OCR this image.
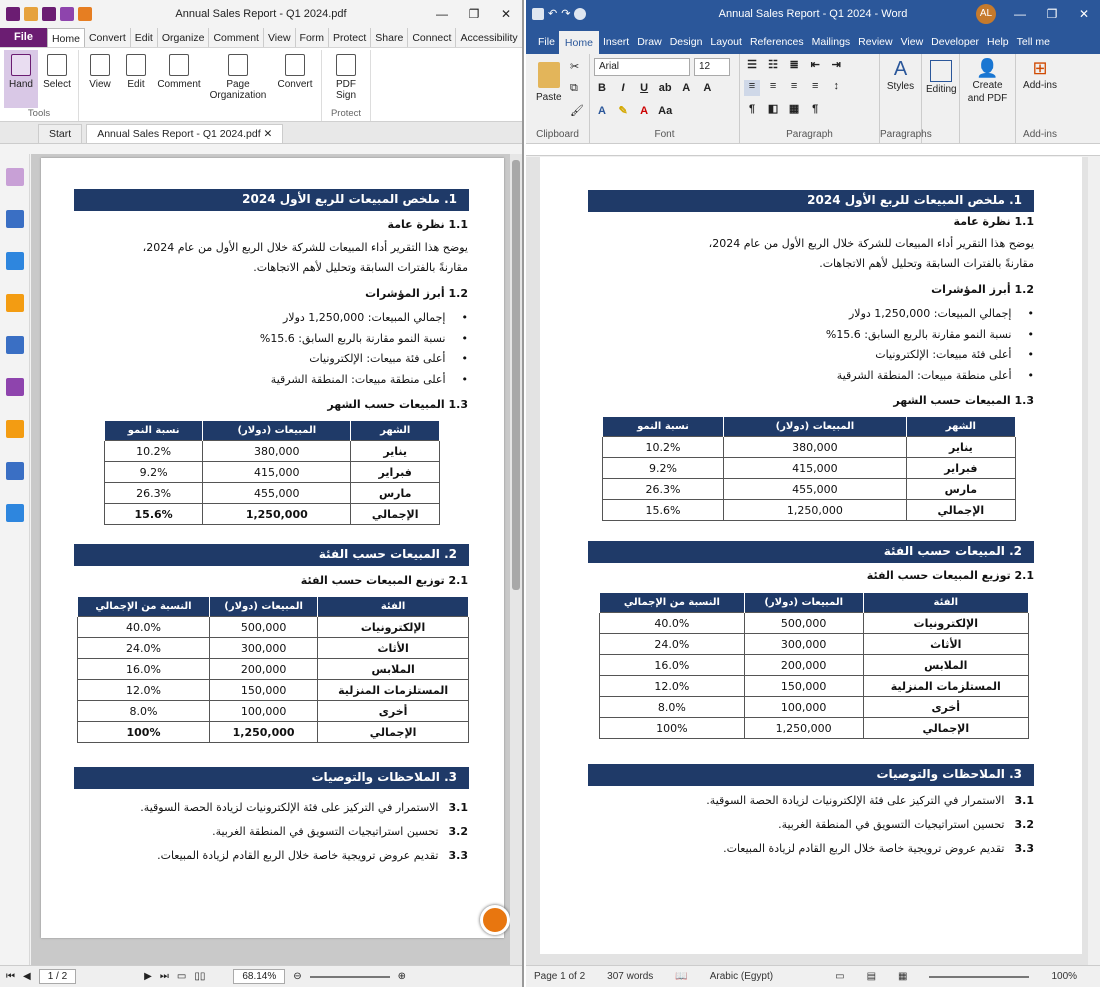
Annual Sales Report - Q1 2024.pdf	—	❐	✕
File	Home Convert Edit Organize Comment View Form Protect Share Connect Accessibility
Hand Select
Tools
View Edit Comment	Page Organization
Convert	PDF Sign
Protect
Start	Annual Sales Report - Q1 2024.pdf ✕
1. ملخص المبيعات للربع الأول 2024
1.1 نظرة عامة
يوضح هذا التقرير أداء المبيعات للشركة خلال الربع الأول من عام 2024،
مقارنةً بالفترات السابقة وتحليل لأهم الاتجاهات.
1.2 أبرز المؤشرات
• إجمالي المبيعات: 1,250,000 دولار
• نسبة النمو مقارنة بالربع السابق: 15.6%
• أعلى فئة مبيعات: الإلكترونيات
• أعلى منطقة مبيعات: المنطقة الشرقية
1.3 المبيعات حسب الشهر
الشهر	المبيعات (دولار)	نسبة النمو
يناير	380,000	10.2%
فبراير	415,000	9.2%
مارس	455,000	26.3%
الإجمالي	1,250,000	15.6%
2. المبيعات حسب الفئة
2.1 توزيع المبيعات حسب الفئة
الفئة	المبيعات (دولار)	النسبة من الإجمالي
الإلكترونيات	500,000	40.0%
الأثاث	300,000	24.0%
الملابس	200,000	16.0%
المستلزمات المنزلية	150,000	12.0%
أخرى	100,000	8.0%
الإجمالي	1,250,000	100%
3. الملاحظات والتوصيات
3.1الاستمرار في التركيز على فئة الإلكترونيات لزيادة الحصة السوقية.
3.2تحسين استراتيجيات التسويق في المنطقة الغربية.
3.3تقديم عروض ترويجية خاصة خلال الربع القادم لزيادة المبيعات.
⏮ ◀	1 / 2	▶ ⏭ ▭ ▯▯	68.14%	⊖	⊕
↶ ↷	Annual Sales Report - Q1 2024 - Word	AL	—	❐	✕
File Home Insert Draw Design Layout References Mailings Review View Developer Help Tell me
Paste
✂
⧉
🖌
Clipboard
Arial	12
B I U ab A A
A ✎ A Aa
Font
☰ ☷ ≣ ⇤ ⇥
≡ ≡ ≡ ≡ ↕
¶ ◧ ▦ ¶
Paragraph
A
Styles
Paragraphs
Editing
👤
Create and PDF
⊞
Add-ins
Add-ins
1. ملخص المبيعات للربع الأول 2024
1.1 نظرة عامة
يوضح هذا التقرير أداء المبيعات للشركة خلال الربع الأول من عام 2024،
مقارنةً بالفترات السابقة وتحليل لأهم الاتجاهات.
1.2 أبرز المؤشرات
• إجمالي المبيعات: 1,250,000 دولار
• نسبة النمو مقارنة بالربع السابق: 15.6%
• أعلى فئة مبيعات: الإلكترونيات
• أعلى منطقة مبيعات: المنطقة الشرقية
1.3 المبيعات حسب الشهر
الشهر	المبيعات (دولار)	نسبة النمو
يناير	380,000	10.2%
فبراير	415,000	9.2%
مارس	455,000	26.3%
الإجمالي	1,250,000	15.6%
2. المبيعات حسب الفئة
2.1 توزيع المبيعات حسب الفئة
الفئة	المبيعات (دولار)	النسبة من الإجمالي
الإلكترونيات	500,000	40.0%
الأثاث	300,000	24.0%
الملابس	200,000	16.0%
المستلزمات المنزلية	150,000	12.0%
أخرى	100,000	8.0%
الإجمالي	1,250,000	100%
3. الملاحظات والتوصيات
3.1الاستمرار في التركيز على فئة الإلكترونيات لزيادة الحصة السوقية.
3.2تحسين استراتيجيات التسويق في المنطقة الغربية.
3.3تقديم عروض ترويجية خاصة خلال الربع القادم لزيادة المبيعات.
Page 1 of 2 307 words 📖 Arabic (Egypt)	▭ ▤ ▦	100%
